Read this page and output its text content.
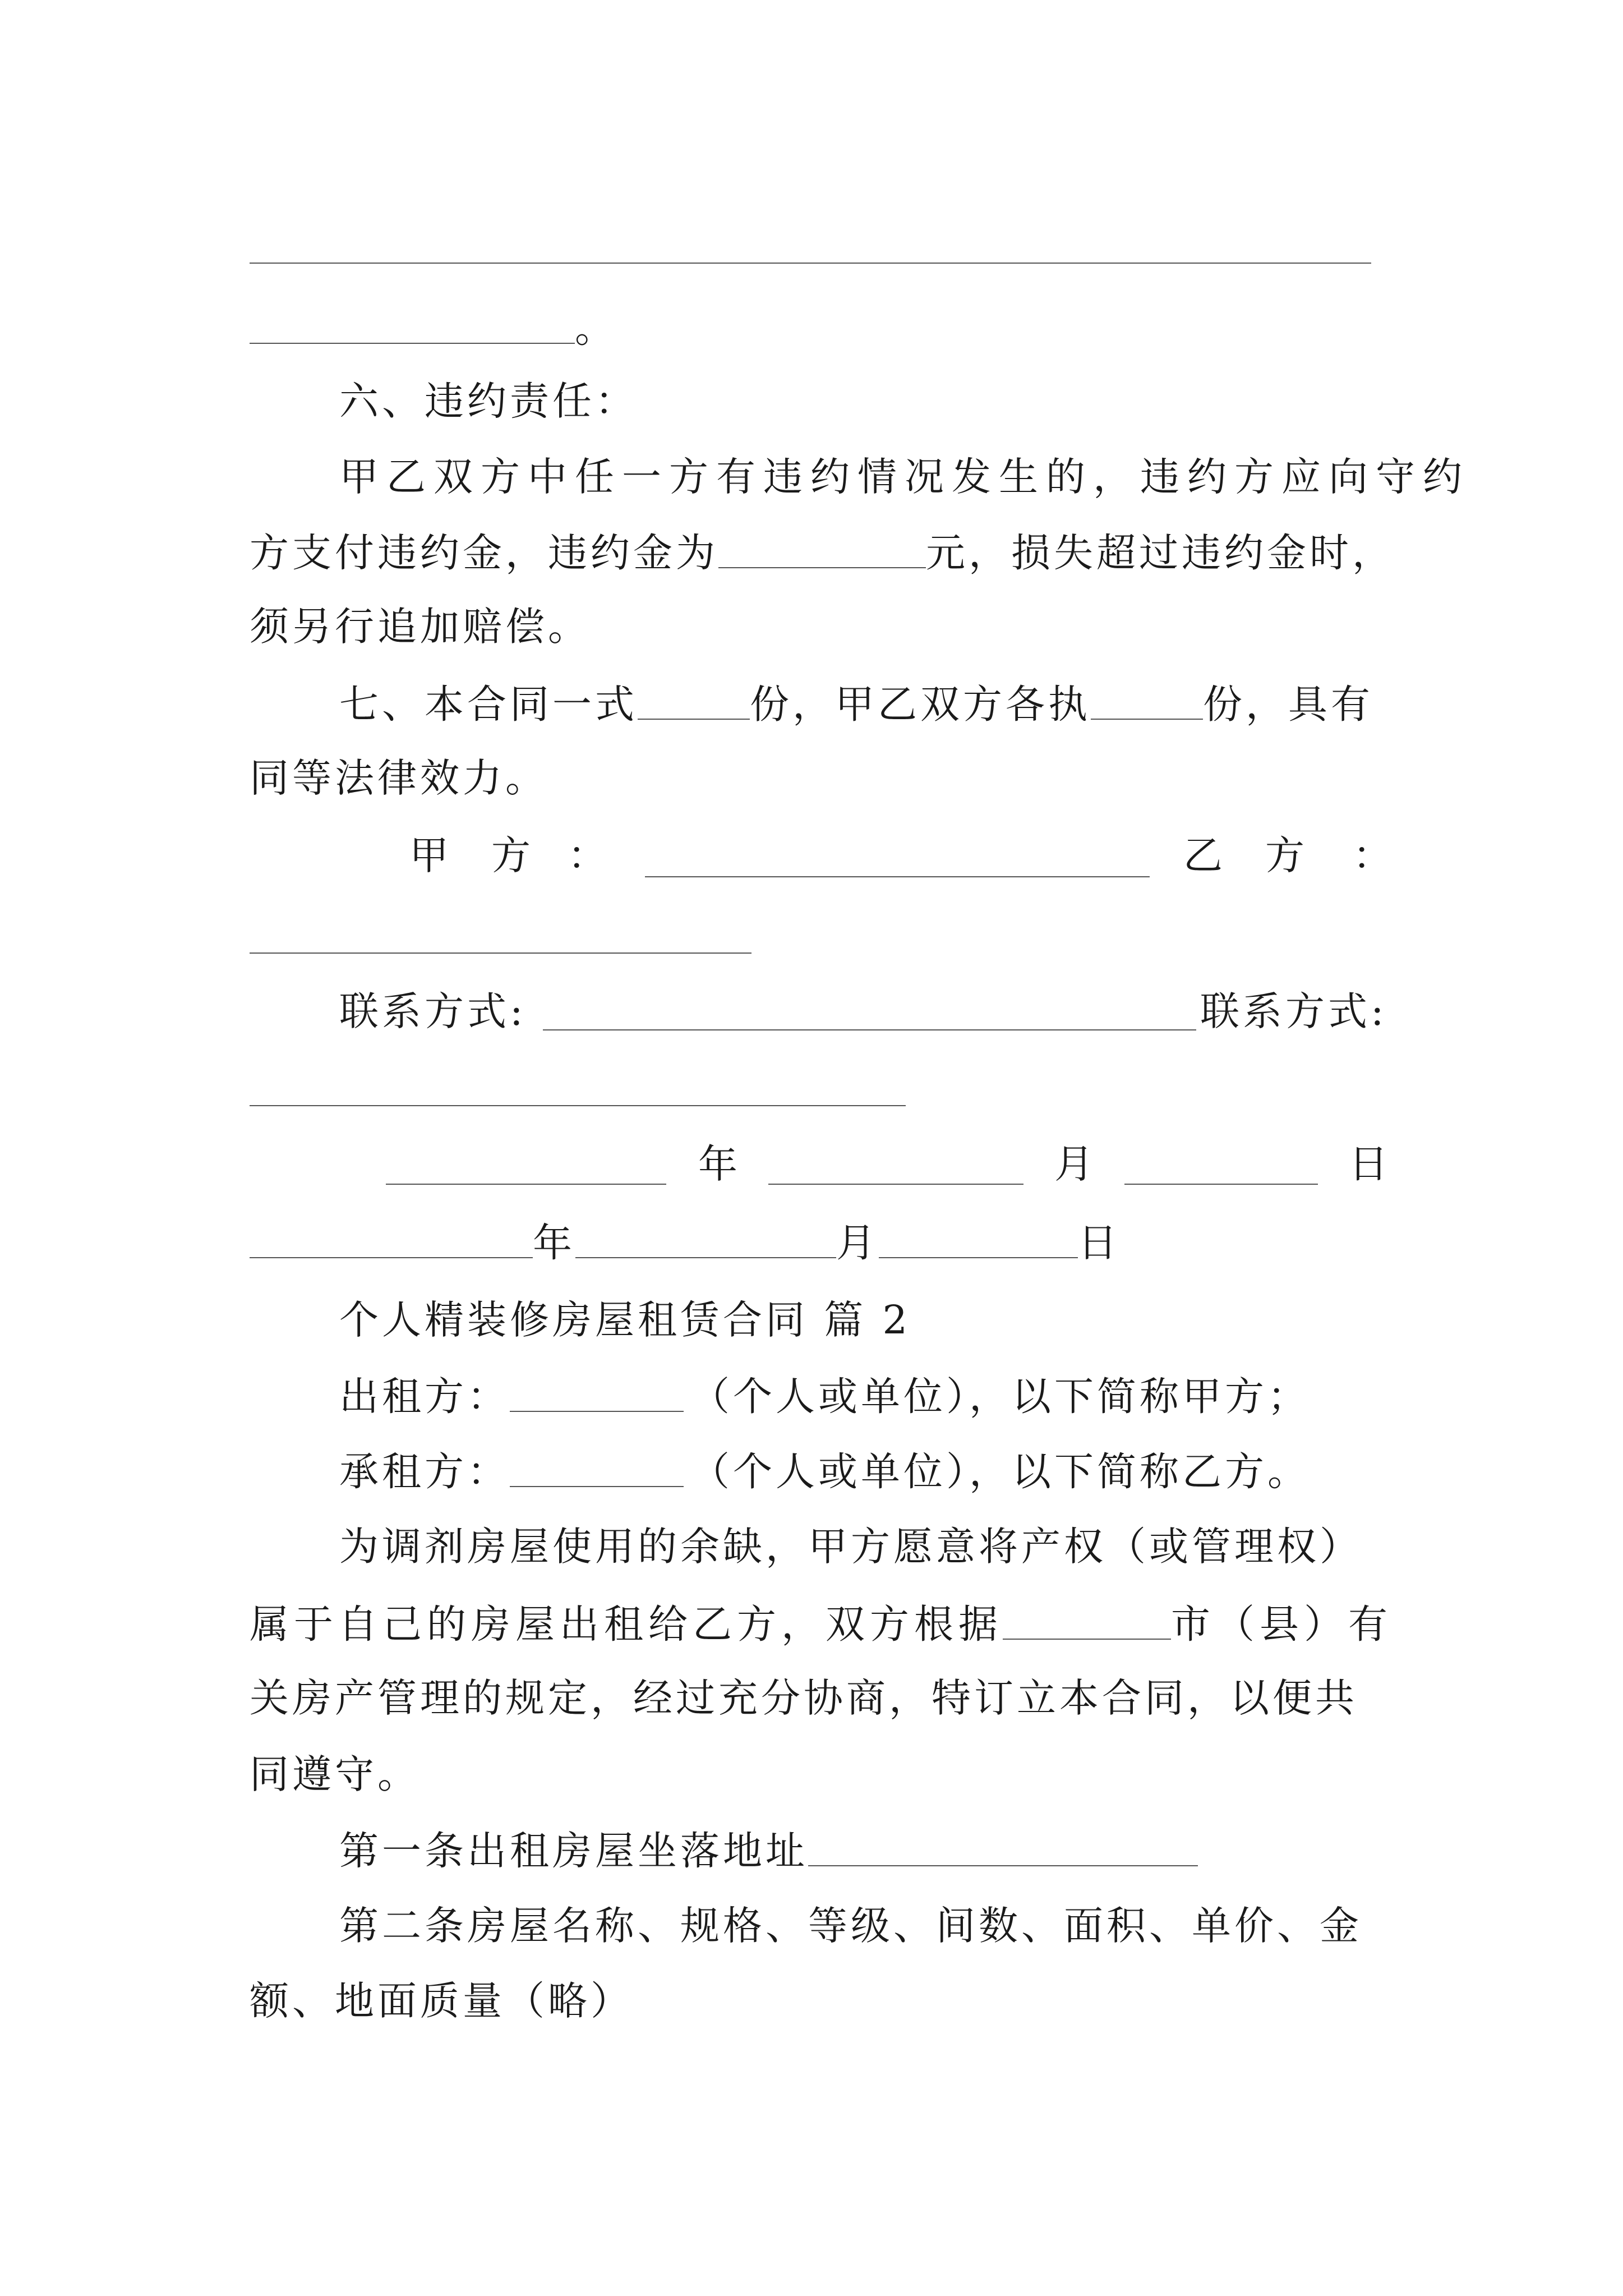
。
六、违约责任：
甲乙双方中任一方有违约情况发生的，违约方应向守约
方支付违约金，违约金为	元，损失超过违约金时，
须另行追加赔偿。
七、本合同一式	份，甲乙双方各执	份，具有
同等法律效力。
甲 方 ：	乙 方 ：
联系方式:	联系方式:
年	月	日
年	月	日
个人精装修房屋租赁合同 篇 2
出租方：	（个人或单位），以下简称甲方；
承租方：	（个人或单位），以下简称乙方。
为调剂房屋使用的余缺，甲方愿意将产权（或管理权）
属于自己的房屋出租给乙方，双方根据	市（县）有
关房产管理的规定，经过充分协商，特订立本合同，以便共
同遵守。
第一条出租房屋坐落地址
第二条房屋名称、规格、等级、间数、面积、单价、金
额、地面质量（略）
